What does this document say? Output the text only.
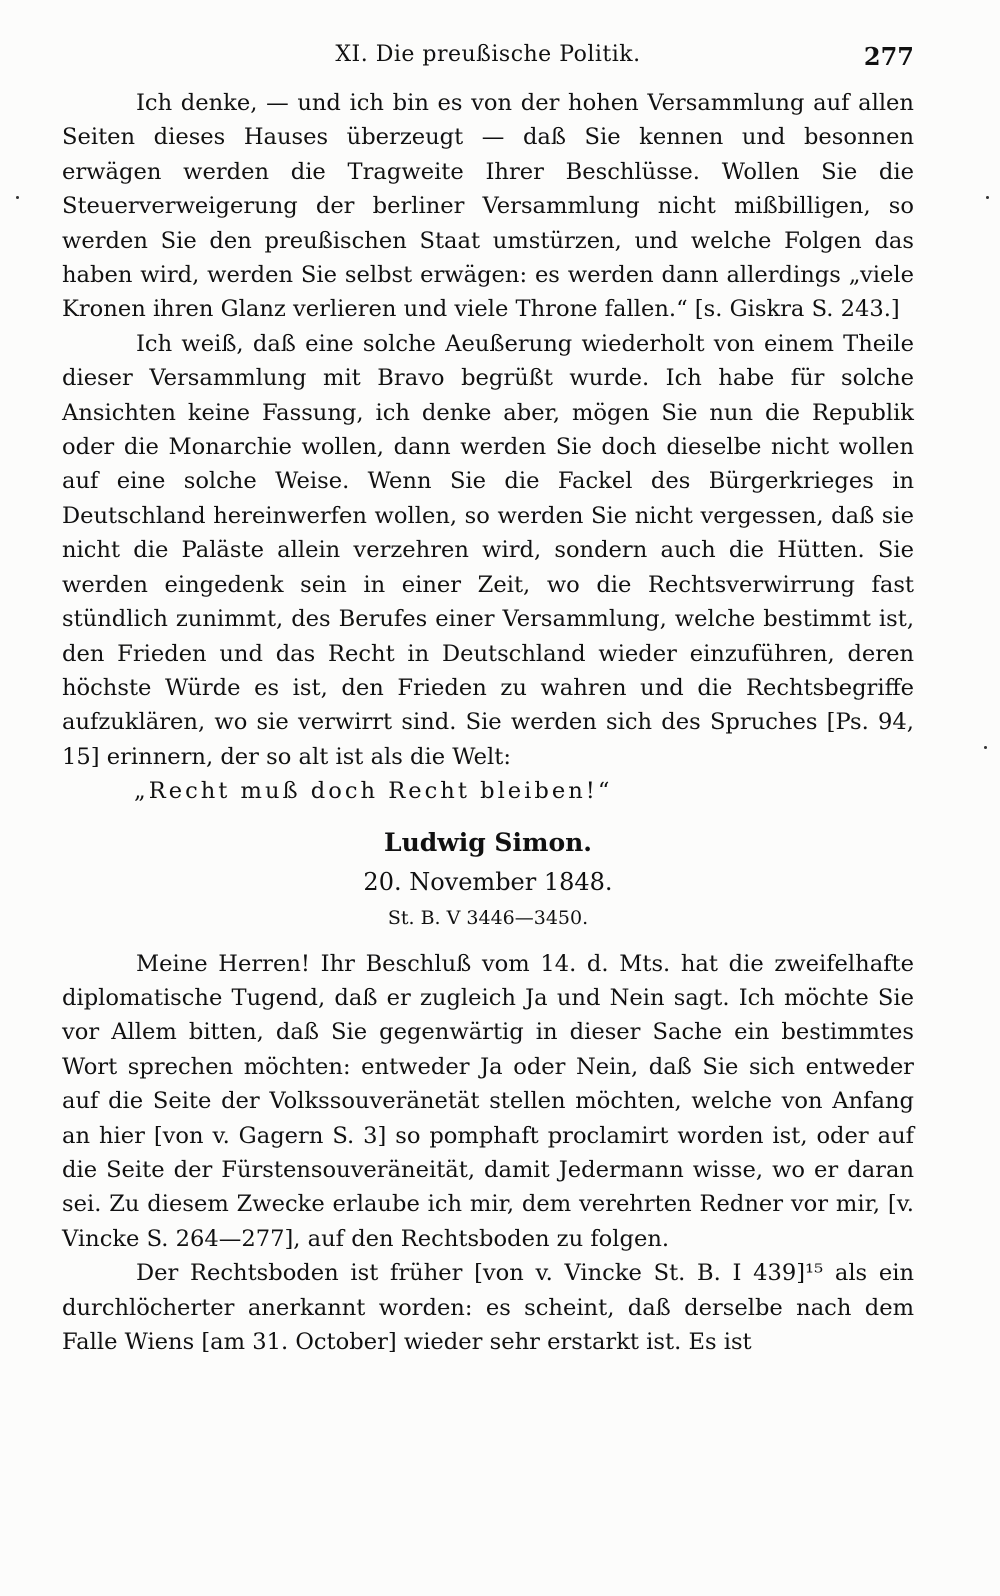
XI. Die preußische Politik.	277

Ich denke, — und ich bin es von der hohen Versammlung auf allen Seiten dieses Hauses überzeugt — daß Sie kennen und besonnen erwägen werden die Tragweite Ihrer Beschlüsse. Wollen Sie die Steuerverweigerung der berliner Versammlung nicht mißbilligen, so werden Sie den preußischen Staat umstürzen, und welche Folgen das haben wird, werden Sie selbst erwägen: es werden dann allerdings „viele Kronen ihren Glanz verlieren und viele Throne fallen.“ [s. Giskra S. 243.]

Ich weiß, daß eine solche Aeußerung wiederholt von einem Theile dieser Versammlung mit Bravo begrüßt wurde. Ich habe für solche Ansichten keine Fassung, ich denke aber, mögen Sie nun die Republik oder die Monarchie wollen, dann werden Sie doch dieselbe nicht wollen auf eine solche Weise. Wenn Sie die Fackel des Bürgerkrieges in Deutschland hereinwerfen wollen, so werden Sie nicht vergessen, daß sie nicht die Paläste allein verzehren wird, sondern auch die Hütten. Sie werden eingedenk sein in einer Zeit, wo die Rechtsverwirrung fast stündlich zunimmt, des Berufes einer Versammlung, welche bestimmt ist, den Frieden und das Recht in Deutschland wieder einzuführen, deren höchste Würde es ist, den Frieden zu wahren und die Rechtsbegriffe aufzuklären, wo sie verwirrt sind. Sie werden sich des Spruches [Ps. 94, 15] erinnern, der so alt ist als die Welt:

„Recht muß doch Recht bleiben!“

Ludwig Simon.
20. November 1848.
St. B. V 3446—3450.

Meine Herren! Ihr Beschluß vom 14. d. Mts. hat die zweifelhafte diplomatische Tugend, daß er zugleich Ja und Nein sagt. Ich möchte Sie vor Allem bitten, daß Sie gegenwärtig in dieser Sache ein bestimmtes Wort sprechen möchten: entweder Ja oder Nein, daß Sie sich entweder auf die Seite der Volkssouveränetät stellen möchten, welche von Anfang an hier [von v. Gagern S. 3] so pomphaft proclamirt worden ist, oder auf die Seite der Fürstensouveräneität, damit Jedermann wisse, wo er daran sei. Zu diesem Zwecke erlaube ich mir, dem verehrten Redner vor mir, [v. Vincke S. 264—277], auf den Rechtsboden zu folgen.

Der Rechtsboden ist früher [von v. Vincke St. B. I 439]¹⁵ als ein durchlöcherter anerkannt worden: es scheint, daß derselbe nach dem Falle Wiens [am 31. October] wieder sehr erstarkt ist. Es ist
